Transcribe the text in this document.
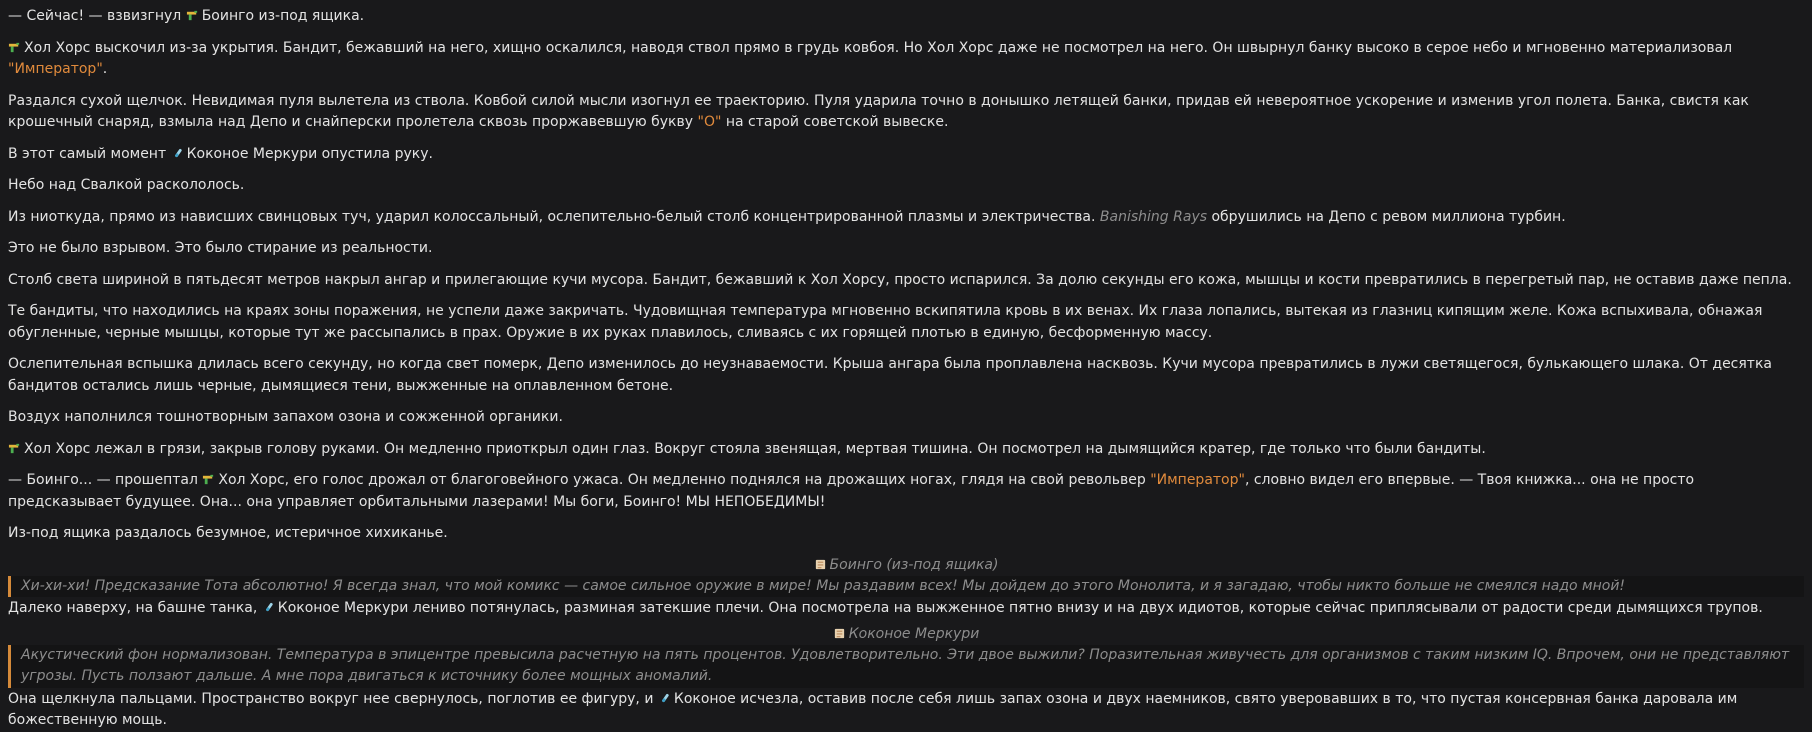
— Сейчас! — взвизгнул Боинго из-под ящика.

Хол Хорс выскочил из-за укрытия. Бандит, бежавший на него, хищно оскалился, наводя ствол прямо в грудь ковбоя. Но Хол Хорс даже не посмотрел на него. Он швырнул банку высоко в серое небо и мгновенно материализовал "Император".

Раздался сухой щелчок. Невидимая пуля вылетела из ствола. Ковбой силой мысли изогнул ее траекторию. Пуля ударила точно в донышко летящей банки, придав ей невероятное ускорение и изменив угол полета. Банка, свистя как крошечный снаряд, взмыла над Депо и снайперски пролетела сквозь проржавевшую букву "О" на старой советской вывеске.

В этот самый момент Коконое Меркури опустила руку.

Небо над Свалкой раскололось.

Из ниоткуда, прямо из нависших свинцовых туч, ударил колоссальный, ослепительно-белый столб концентрированной плазмы и электричества. Banishing Rays обрушились на Депо с ревом миллиона турбин.

Это не было взрывом. Это было стирание из реальности.

Столб света шириной в пятьдесят метров накрыл ангар и прилегающие кучи мусора. Бандит, бежавший к Хол Хорсу, просто испарился. За долю секунды его кожа, мышцы и кости превратились в перегретый пар, не оставив даже пепла.

Те бандиты, что находились на краях зоны поражения, не успели даже закричать. Чудовищная температура мгновенно вскипятила кровь в их венах. Их глаза лопались, вытекая из глазниц кипящим желе. Кожа вспыхивала, обнажая обугленные, черные мышцы, которые тут же рассыпались в прах. Оружие в их руках плавилось, сливаясь с их горящей плотью в единую, бесформенную массу.

Ослепительная вспышка длилась всего секунду, но когда свет померк, Депо изменилось до неузнаваемости. Крыша ангара была проплавлена насквозь. Кучи мусора превратились в лужи светящегося, булькающего шлака. От десятка бандитов остались лишь черные, дымящиеся тени, выжженные на оплавленном бетоне.

Воздух наполнился тошнотворным запахом озона и сожженной органики.

Хол Хорс лежал в грязи, закрыв голову руками. Он медленно приоткрыл один глаз. Вокруг стояла звенящая, мертвая тишина. Он посмотрел на дымящийся кратер, где только что были бандиты.

— Боинго... — прошептал Хол Хорс, его голос дрожал от благоговейного ужаса. Он медленно поднялся на дрожащих ногах, глядя на свой револьвер "Император", словно видел его впервые. — Твоя книжка... она не просто предсказывает будущее. Она... она управляет орбитальными лазерами! Мы боги, Боинго! МЫ НЕПОБЕДИМЫ!

Из-под ящика раздалось безумное, истеричное хихиканье.

Боинго (из-под ящика)
Хи-хи-хи! Предсказание Тота абсолютно! Я всегда знал, что мой комикс — самое сильное оружие в мире! Мы раздавим всех! Мы дойдем до этого Монолита, и я загадаю, чтобы никто больше не смеялся надо мной!

Далеко наверху, на башне танка, Коконое Меркури лениво потянулась, разминая затекшие плечи. Она посмотрела на выжженное пятно внизу и на двух идиотов, которые сейчас приплясывали от радости среди дымящихся трупов.

Коконое Меркури
Акустический фон нормализован. Температура в эпицентре превысила расчетную на пять процентов. Удовлетворительно. Эти двое выжили? Поразительная живучесть для организмов с таким низким IQ. Впрочем, они не представляют угрозы. Пусть ползают дальше. А мне пора двигаться к источнику более мощных аномалий.

Она щелкнула пальцами. Пространство вокруг нее свернулось, поглотив ее фигуру, и Коконое исчезла, оставив после себя лишь запах озона и двух наемников, свято уверовавших в то, что пустая консервная банка даровала им божественную мощь.
